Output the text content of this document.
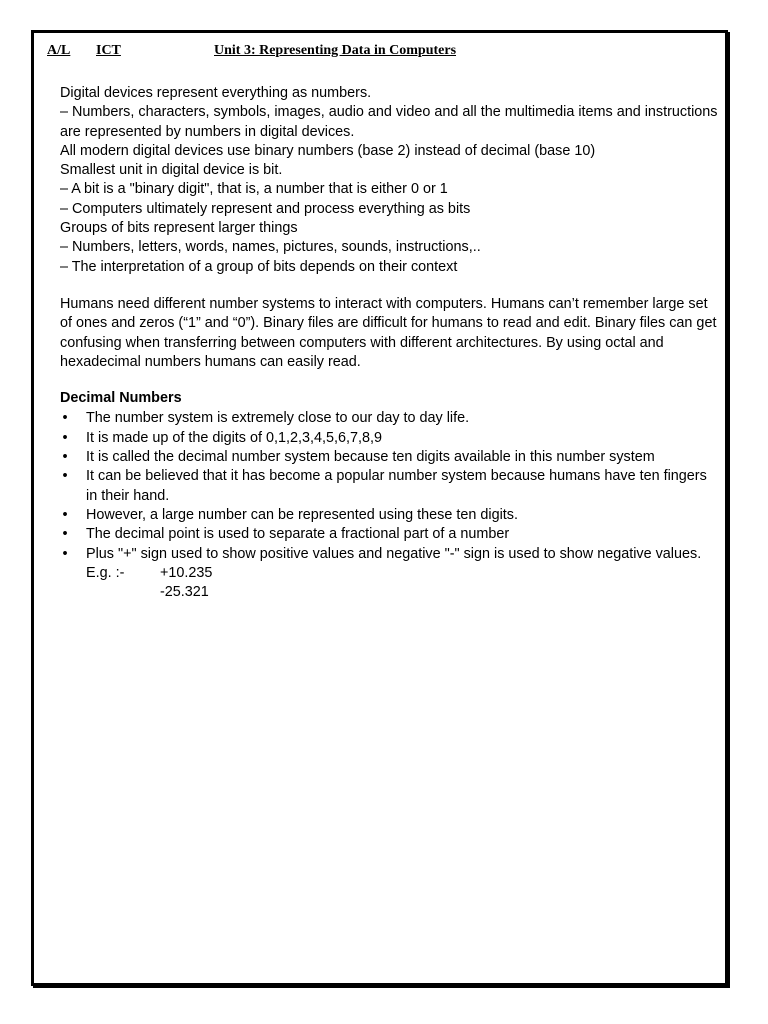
A/L ICT	Unit 3: Representing Data in Computers

Digital devices represent everything as numbers.

– Numbers, characters, symbols, images, audio and video and all the multimedia items and instructions are represented by numbers in digital devices.

All modern digital devices use binary numbers (base 2) instead of decimal (base 10)

Smallest unit in digital device is bit.

– A bit is a "binary digit", that is, a number that is either 0 or 1

– Computers ultimately represent and process everything as bits

Groups of bits represent larger things

– Numbers, letters, words, names, pictures, sounds, instructions,..

– The interpretation of a group of bits depends on their context

Humans need different number systems to interact with computers. Humans can’t remember large set of ones and zeros (“1” and “0”). Binary files are difficult for humans to read and edit. Binary files can get confusing when transferring between computers with different architectures. By using octal and hexadecimal numbers humans can easily read.

Decimal Numbers

• The number system is extremely close to our day to day life.
• It is made up of the digits of 0,1,2,3,4,5,6,7,8,9
• It is called the decimal number system because ten digits available in this number system
• It can be believed that it has become a popular number system because humans have ten fingers in their hand.
• However, a large number can be represented using these ten digits.
• The decimal point is used to separate a fractional part of a number
• Plus "+" sign used to show positive values and negative "-" sign is used to show negative values.
E.g. :-	+10.235
-25.321
